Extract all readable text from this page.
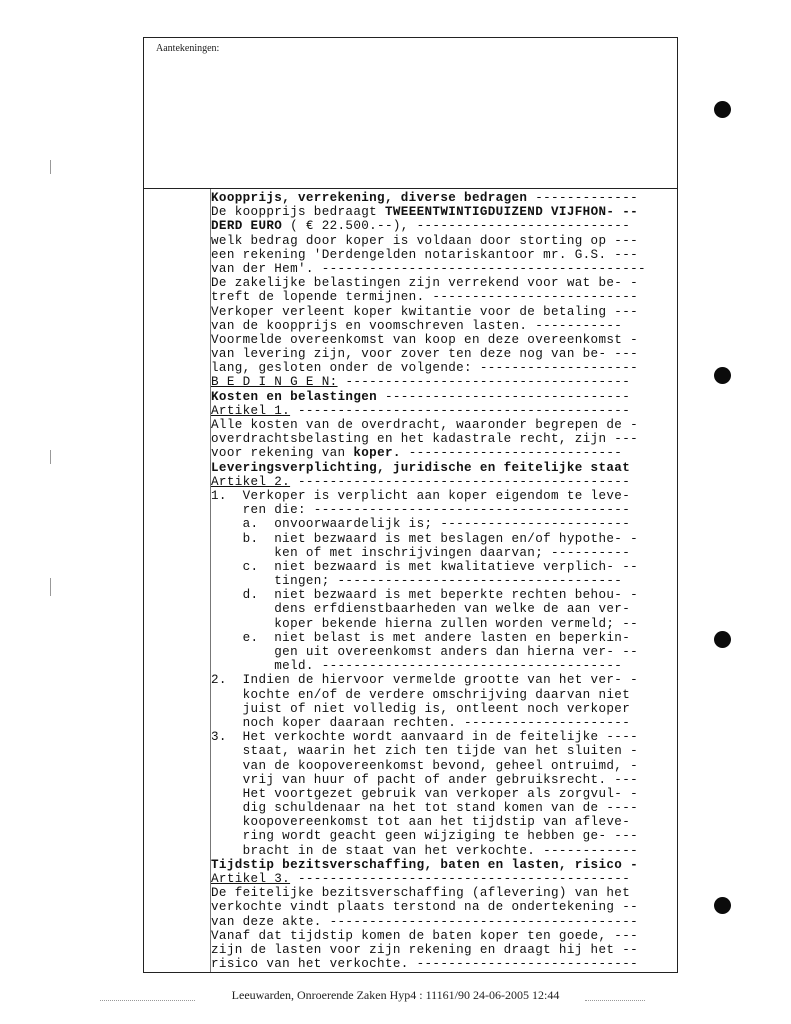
Aantekeningen:
Koopprijs, verrekening, diverse bedragen -------------
De koopprijs bedraagt TWEEENTWINTIGDUIZEND VIJFHON- --
DERD EURO ( € 22.500.--), ---------------------------
welk bedrag door koper is voldaan door storting op ---
een rekening 'Derdengelden notariskantoor mr. G.S. ---
van der Hem'. -----------------------------------------
De zakelijke belastingen zijn verrekend voor wat be- -
treft de lopende termijnen. --------------------------
Verkoper verleent koper kwitantie voor de betaling ---
van de koopprijs en voomschreven lasten. -----------
Voormelde overeenkomst van koop en deze overeenkomst -
van levering zijn, voor zover ten deze nog van be- ---
lang, gesloten onder de volgende: --------------------
B E D I N G E N: ------------------------------------
Kosten en belastingen -------------------------------
Artikel 1. ------------------------------------------
Alle kosten van de overdracht, waaronder begrepen de -
overdrachtsbelasting en het kadastrale recht, zijn ---
voor rekening van koper. ---------------------------
Leveringsverplichting, juridische en feitelijke staat
Artikel 2. ------------------------------------------
1.  Verkoper is verplicht aan koper eigendom te leve-
ren die: ----------------------------------------
a.  onvoorwaardelijk is; ------------------------
b.  niet bezwaard is met beslagen en/of hypothe- -
ken of met inschrijvingen daarvan; ----------
c.  niet bezwaard is met kwalitatieve verplich- --
tingen; ------------------------------------
d.  niet bezwaard is met beperkte rechten behou- -
dens erfdienstbaarheden van welke de aan ver-
koper bekende hierna zullen worden vermeld; --
e.  niet belast is met andere lasten en beperkin-
gen uit overeenkomst anders dan hierna ver- --
meld. --------------------------------------
2.  Indien de hiervoor vermelde grootte van het ver- -
kochte en/of de verdere omschrijving daarvan niet
juist of niet volledig is, ontleent noch verkoper
noch koper daaraan rechten. ---------------------
3.  Het verkochte wordt aanvaard in de feitelijke ----
staat, waarin het zich ten tijde van het sluiten -
van de koopovereenkomst bevond, geheel ontruimd, -
vrij van huur of pacht of ander gebruiksrecht. ---
Het voortgezet gebruik van verkoper als zorgvul- -
dig schuldenaar na het tot stand komen van de ----
koopovereenkomst tot aan het tijdstip van afleve-
ring wordt geacht geen wijziging te hebben ge- ---
bracht in de staat van het verkochte. ------------
Tijdstip bezitsverschaffing, baten en lasten, risico -
Artikel 3. ------------------------------------------
De feitelijke bezitsverschaffing (aflevering) van het
verkochte vindt plaats terstond na de ondertekening --
van deze akte. ---------------------------------------
Vanaf dat tijdstip komen de baten koper ten goede, ---
zijn de lasten voor zijn rekening en draagt hij het --
risico van het verkochte. ----------------------------
Leeuwarden, Onroerende Zaken Hyp4 : 11161/90 24-06-2005 12:44
